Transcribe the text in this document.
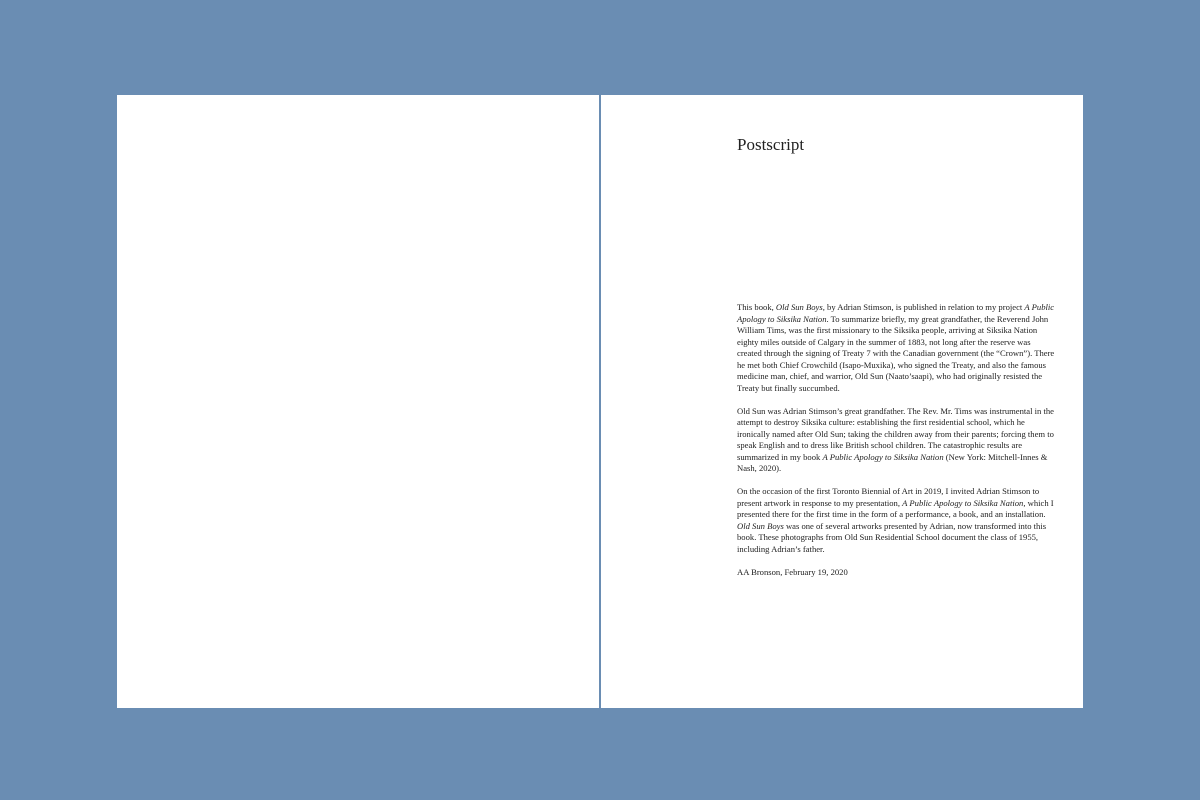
Postscript

This book, Old Sun Boys, by Adrian Stimson, is published in relation to my project A Public Apology to Siksika Nation. To summarize briefly, my great grandfather, the Reverend John William Tims, was the first missionary to the Siksika people, arriving at Siksika Nation eighty miles outside of Calgary in the summer of 1883, not long after the reserve was created through the signing of Treaty 7 with the Canadian government (the “Crown”). There he met both Chief Crowchild (Isapo-Muxika), who signed the Treaty, and also the famous medicine man, chief, and warrior, Old Sun (Naato’saapi), who had originally resisted the Treaty but finally succumbed.

Old Sun was Adrian Stimson’s great grandfather. The Rev. Mr. Tims was instrumental in the attempt to destroy Siksika culture: establishing the first residential school, which he ironically named after Old Sun; taking the children away from their parents; forcing them to speak English and to dress like British school children. The catastrophic results are summarized in my book A Public Apology to Siksika Nation (New York: Mitchell-Innes & Nash, 2020).

On the occasion of the first Toronto Biennial of Art in 2019, I invited Adrian Stimson to present artwork in response to my presentation, A Public Apology to Siksika Nation, which I presented there for the first time in the form of a performance, a book, and an installation. Old Sun Boys was one of several artworks presented by Adrian, now transformed into this book. These photographs from Old Sun Residential School document the class of 1955, including Adrian’s father.

AA Bronson, February 19, 2020
